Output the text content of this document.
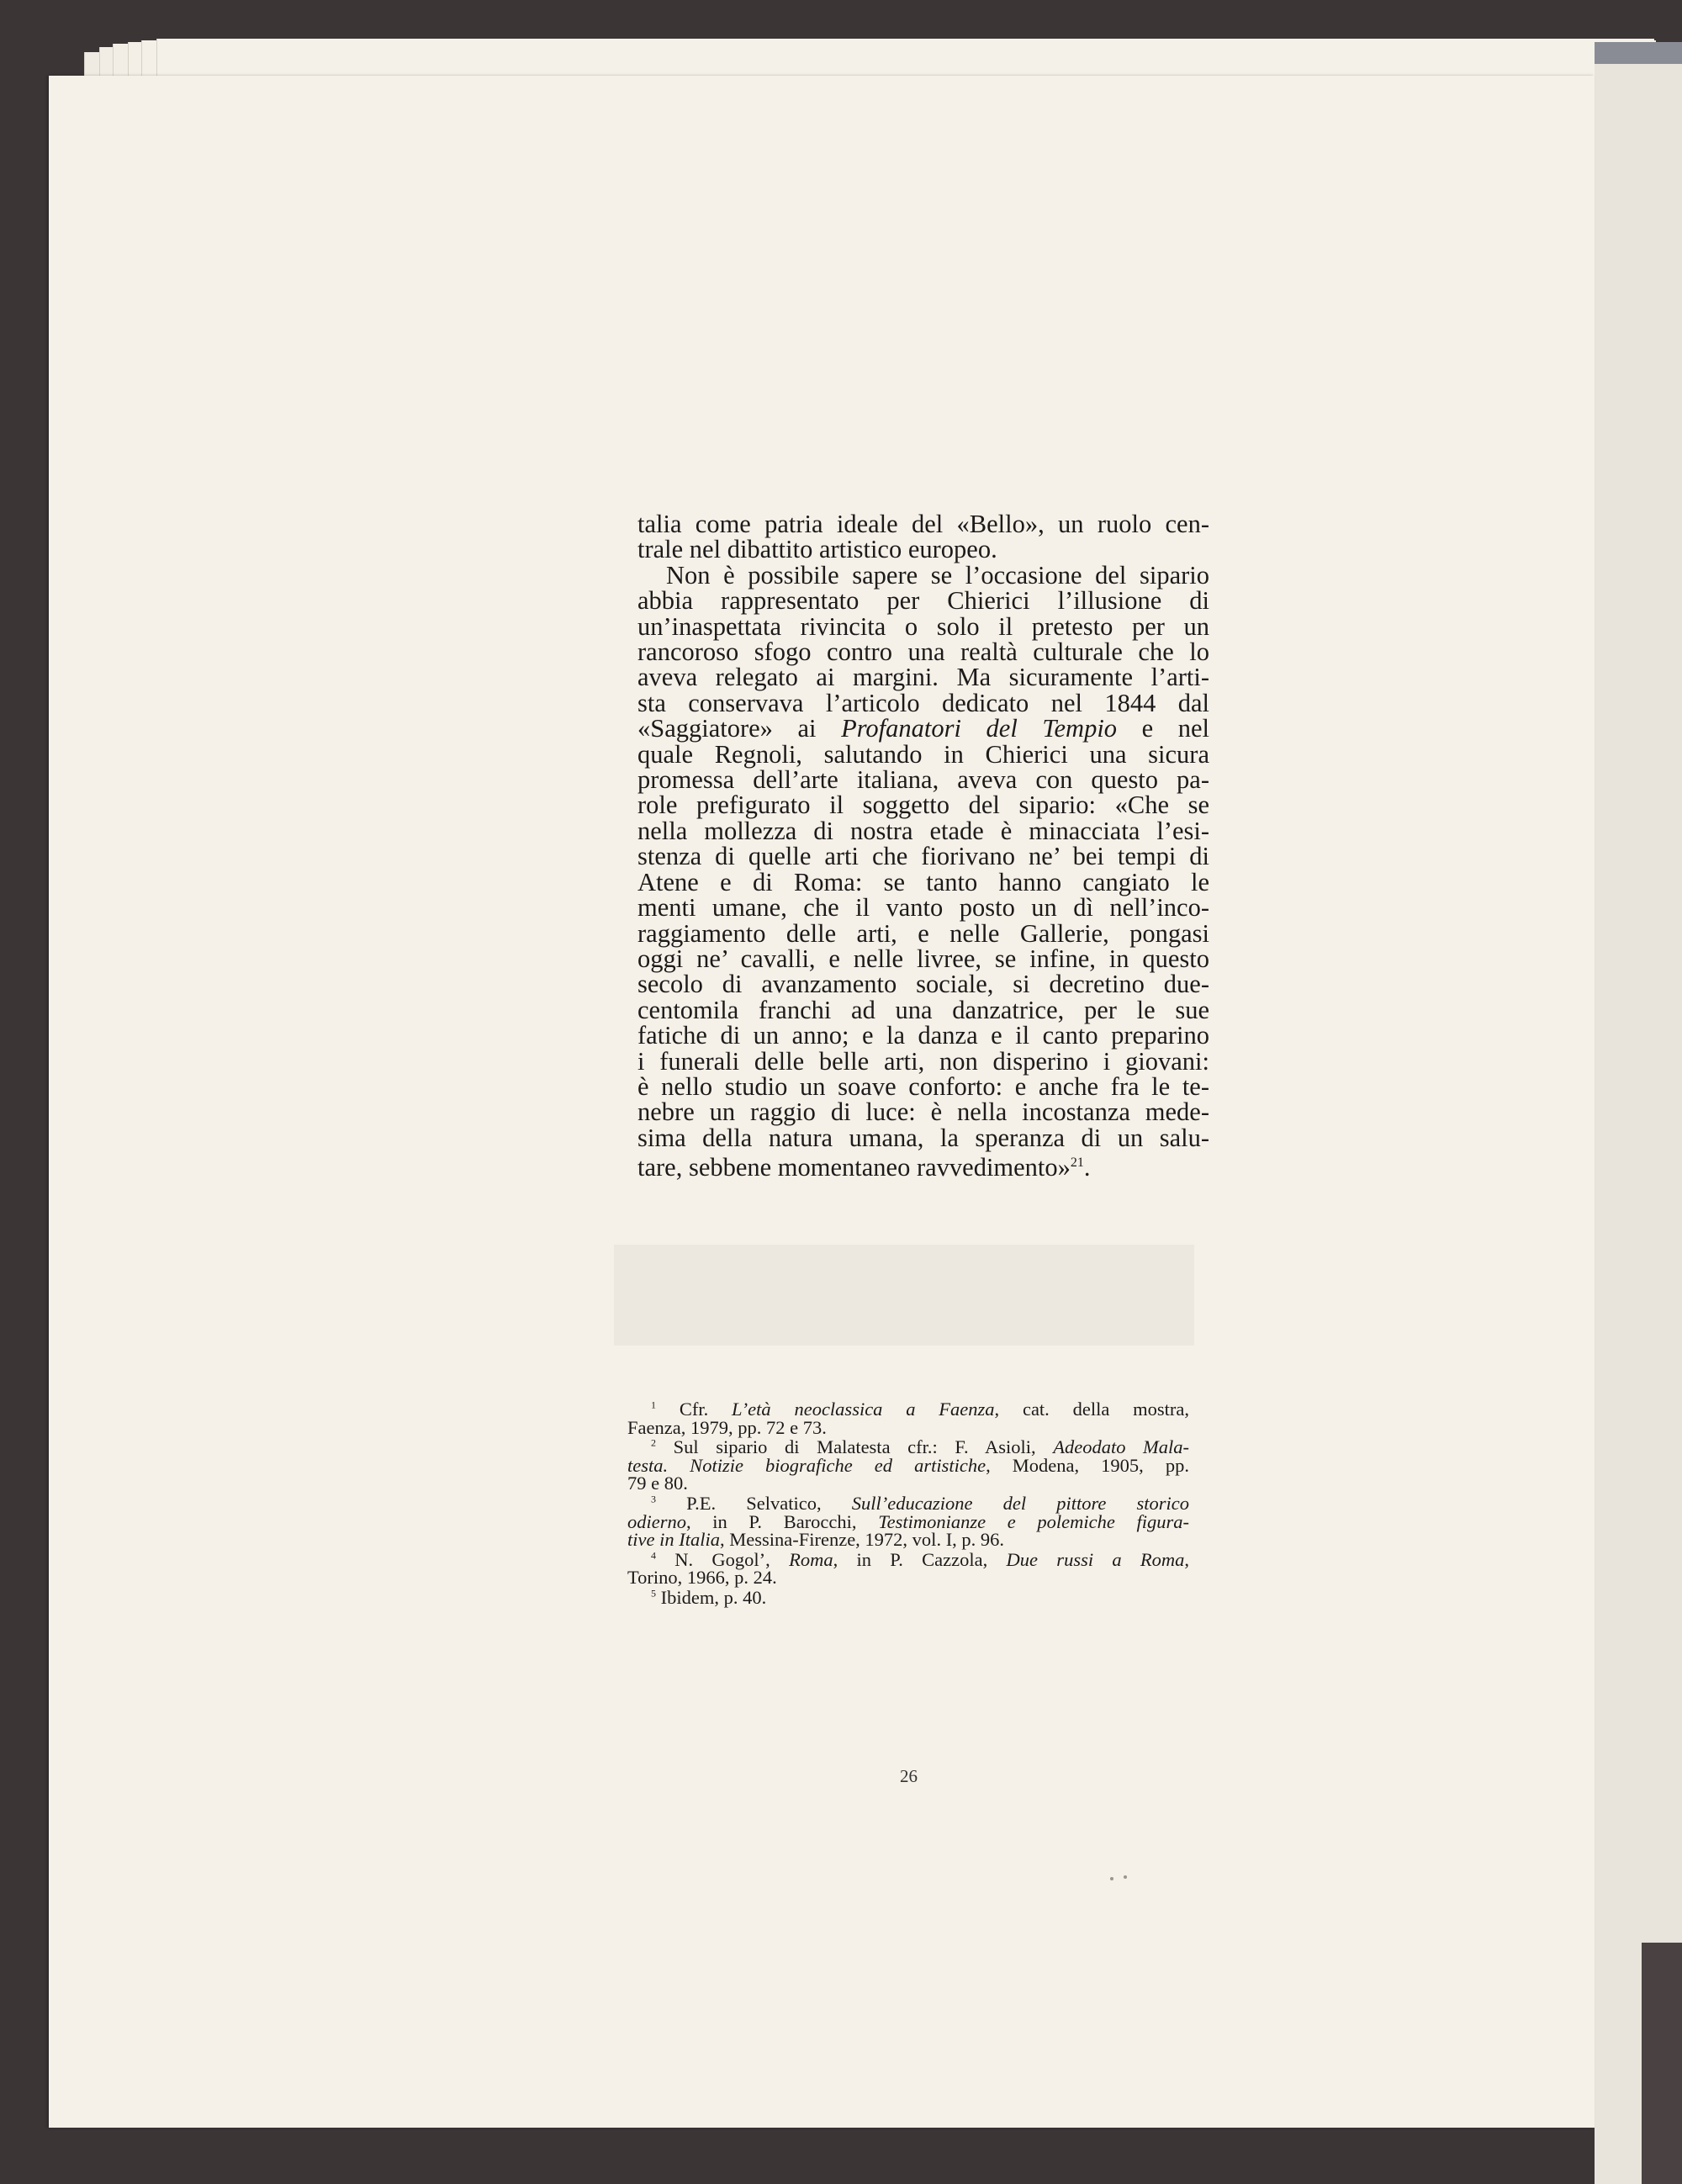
talia come patria ideale del «Bello», un ruolo cen-
trale nel dibattito artistico europeo.

Non è possibile sapere se l’occasione del sipario
abbia rappresentato per Chierici l’illusione di
un’inaspettata rivincita o solo il pretesto per un
rancoroso sfogo contro una realtà culturale che lo
aveva relegato ai margini. Ma sicuramente l’arti-
sta conservava l’articolo dedicato nel 1844 dal
«Saggiatore» ai Profanatori del Tempio e nel
quale Regnoli, salutando in Chierici una sicura
promessa dell’arte italiana, aveva con questo pa-
role prefigurato il soggetto del sipario: «Che se
nella mollezza di nostra etade è minacciata l’esi-
stenza di quelle arti che fiorivano ne’ bei tempi di
Atene e di Roma: se tanto hanno cangiato le
menti umane, che il vanto posto un dì nell’inco-
raggiamento delle arti, e nelle Gallerie, pongasi
oggi ne’ cavalli, e nelle livree, se infine, in questo
secolo di avanzamento sociale, si decretino due-
centomila franchi ad una danzatrice, per le sue
fatiche di un anno; e la danza e il canto preparino
i funerali delle belle arti, non disperino i giovani:
è nello studio un soave conforto: e anche fra le te-
nebre un raggio di luce: è nella incostanza mede-
sima della natura umana, la speranza di un salu-
tare, sebbene momentaneo ravvedimento»$^{21}$.

$^1$ Cfr. L’età neoclassica a Faenza, cat. della mostra,
Faenza, 1979, pp. 72 e 73.
$^2$ Sul sipario di Malatesta cfr.: F. Asioli, Adeodato Mala-
testa. Notizie biografiche ed artistiche, Modena, 1905, pp.
79 e 80.
$^3$ P.E. Selvatico, Sull’educazione del pittore storico
odierno, in P. Barocchi, Testimonianze e polemiche figura-
tive in Italia, Messina-Firenze, 1972, vol. I, p. 96.
$^4$ N. Gogol’, Roma, in P. Cazzola, Due russi a Roma,
Torino, 1966, p. 24.
$^5$ Ibidem, p. 40.
26
